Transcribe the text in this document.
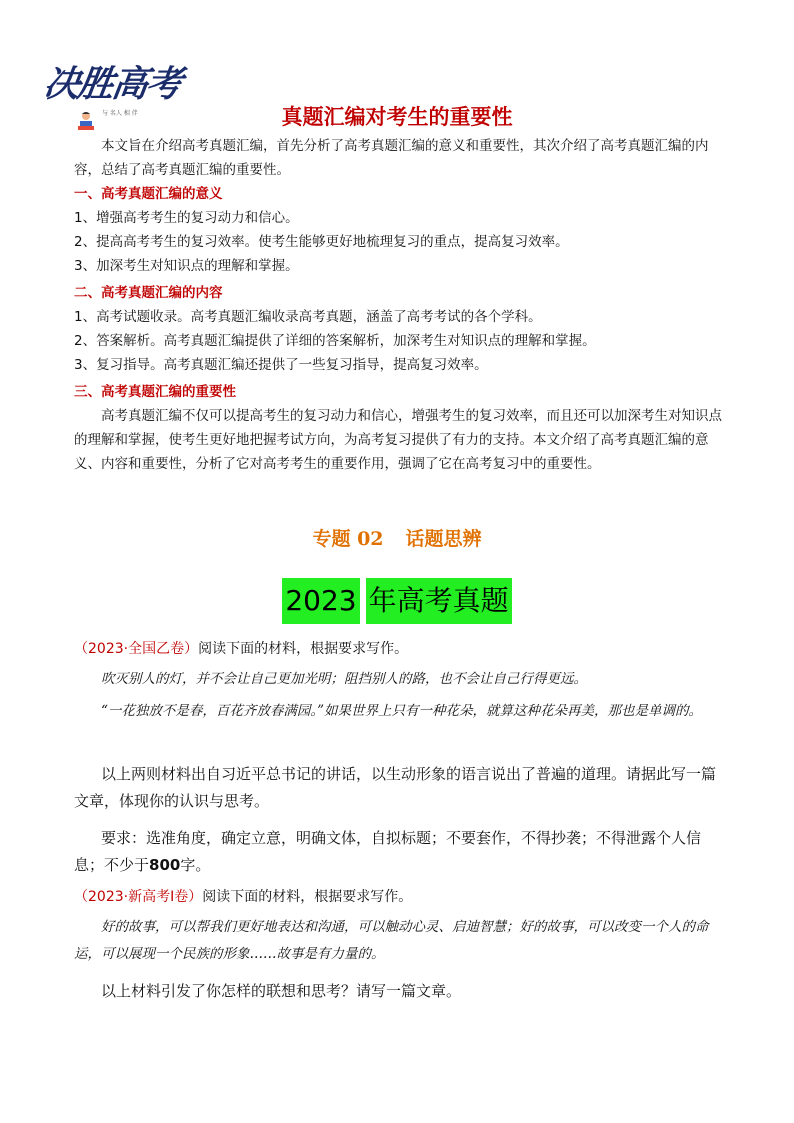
决胜高考
与 名人 相 伴	真题汇编对考生的重要性

本文旨在介绍高考真题汇编，首先分析了高考真题汇编的意义和重要性，其次介绍了高考真题汇编的内容，总结了高考真题汇编的重要性。

一、高考真题汇编的意义

1、增强高考考生的复习动力和信心。

2、提高高考考生的复习效率。使考生能够更好地梳理复习的重点，提高复习效率。

3、加深考生对知识点的理解和掌握。

二、高考真题汇编的内容

1、高考试题收录。高考真题汇编收录高考真题，涵盖了高考考试的各个学科。

2、答案解析。高考真题汇编提供了详细的答案解析，加深考生对知识点的理解和掌握。

3、复习指导。高考真题汇编还提供了一些复习指导，提高复习效率。

三、高考真题汇编的重要性

高考真题汇编不仅可以提高考生的复习动力和信心，增强考生的复习效率，而且还可以加深考生对知识点的理解和掌握，使考生更好地把握考试方向，为高考复习提供了有力的支持。本文介绍了高考真题汇编的意义、内容和重要性，分析了它对高考考生的重要作用，强调了它在高考复习中的重要性。

专题 02 话题思辨
2023 年高考真题

（2023·全国乙卷）阅读下面的材料，根据要求写作。

吹灭别人的灯，并不会让自己更加光明；阻挡别人的路，也不会让自己行得更远。

“一花独放不是春，百花齐放春满园。”如果世界上只有一种花朵，就算这种花朵再美，那也是单调的。

以上两则材料出自习近平总书记的讲话，以生动形象的语言说出了普遍的道理。请据此写一篇文章，体现你的认识与思考。

要求：选准角度，确定立意，明确文体，自拟标题；不要套作，不得抄袭；不得泄露个人信息；不少于800字。

（2023·新高考Ⅰ卷）阅读下面的材料，根据要求写作。

好的故事，可以帮我们更好地表达和沟通，可以触动心灵、启迪智慧；好的故事，可以改变一个人的命运，可以展现一个民族的形象……故事是有力量的。

以上材料引发了你怎样的联想和思考？请写一篇文章。
